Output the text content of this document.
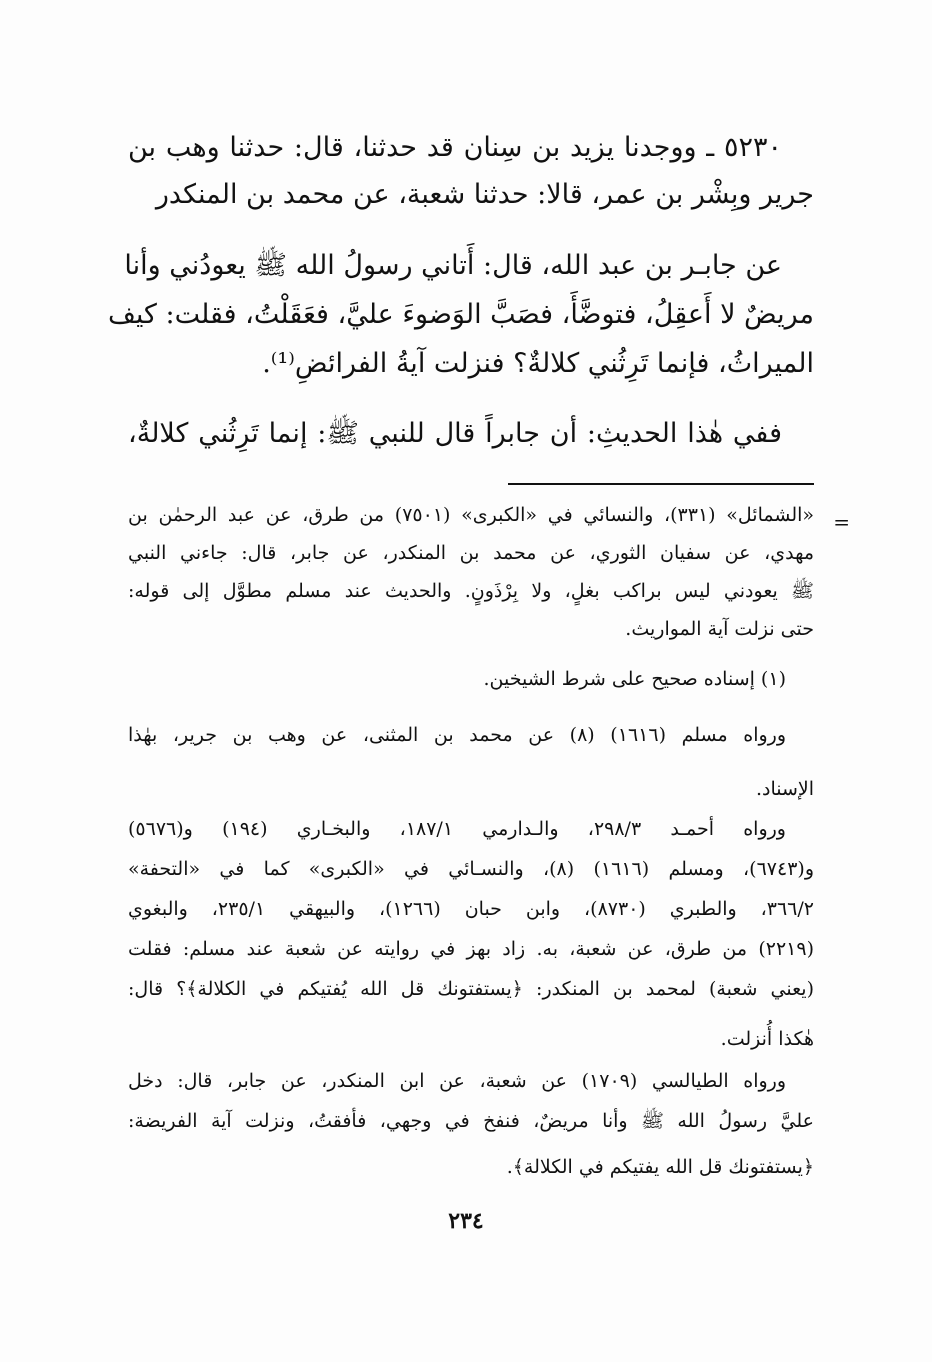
٥٢٣٠ ـ ووجدنا يزيد بن سِنان قد حدثنا، قال: حدثنا وهب بن
جرير وبِشْر بن عمر، قالا: حدثنا شعبة، عن محمد بن المنكدر
عن جابـر بن عبد الله، قال: أَتاني رسولُ الله ﷺ يعودُني وأنا
مريضٌ لا أَعقِلُ، فتوضَّأَ، فصَبَّ الوَضوءَ عليَّ، فعَقَلْتُ، فقلت: كيف
الميراثُ، فإنما تَرِثُني كلالةٌ؟ فنزلت آيةُ الفرائضِ⁽¹⁾.
ففي هٰذا الحديثِ: أن جابراً قال للنبي ﷺ: إنما تَرِثُني كلالةٌ،
=
«الشمائل» (٣٣١)، والنسائي في «الكبرى» (٧٥٠١) من طرق، عن عبد الرحمٰن بن
مهدي، عن سفيان الثوري، عن محمد بن المنكدر، عن جابر، قال: جاءني النبي
ﷺ يعودني ليس براكب بغلٍ، ولا بِرْذَونٍ. والحديث عند مسلم مطوَّل إلى قوله:
حتى نزلت آية المواريث.
(١) إسناده صحيح على شرط الشيخين.
ورواه مسلم (١٦١٦) (٨) عن محمد بن المثنى، عن وهب بن جرير، بهٰذا
الإسناد.
ورواه أحمـد ٢٩٨/٣، والـدارمي ١٨٧/١، والبخـاري (١٩٤) و(٥٦٧٦)
و(٦٧٤٣)، ومسلم (١٦١٦) (٨)، والنسـائي في «الكبرى» كما في «التحفة»
٣٦٦/٢، والطبري (٨٧٣٠)، وابن حبان (١٢٦٦)، والبيهقي ٢٣٥/١، والبغوي
(٢٢١٩) من طرق، عن شعبة، به. زاد بهز في روايته عن شعبة عند مسلم: فقلت
(يعني شعبة) لمحمد بن المنكدر: ﴿يستفتونك قل الله يُفتيكم في الكلالة﴾؟ قال:
هٰكذا أُنزلت.
ورواه الطيالسي (١٧٠٩) عن شعبة، عن ابن المنكدر، عن جابر، قال: دخل
عليَّ رسولُ الله ﷺ وأنا مريضٌ، فنفخ في وجهي، فأفقتُ، ونزلت آية الفريضة:
﴿يستفتونك قل الله يفتيكم في الكلالة﴾.
٢٣٤
